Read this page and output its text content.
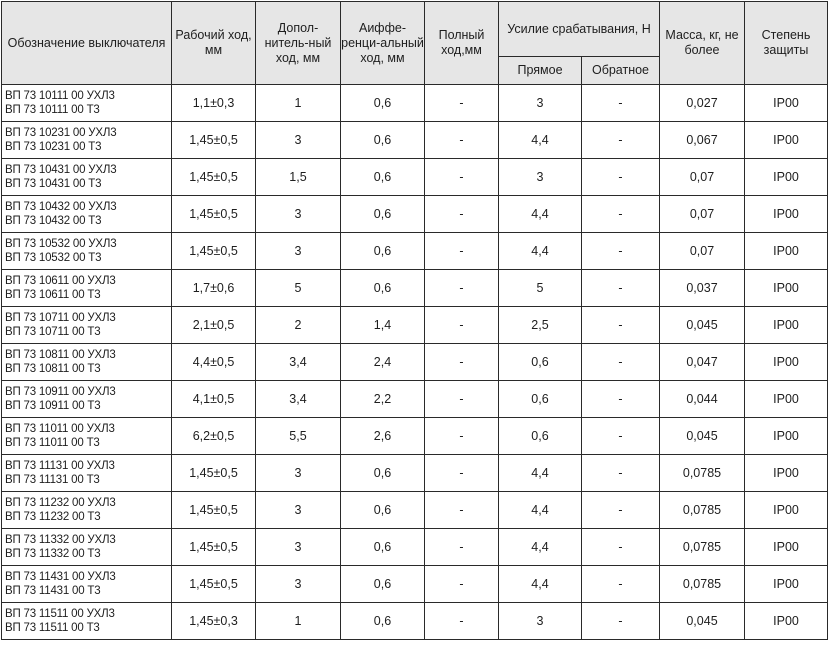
Обозначение выключателя	Рабочий ход, мм	Допол-нитель-ный ход, мм	Аиффе-ренци-альный ход, мм	Полный ход,мм	Усилие срабатывания, Н		Масса, кг, не более	Степень защиты
					Прямое	Обратное		

ВП 73 10111 00 УХЛ3
ВП 73 10111 00 Т3	1,1±0,3	1	0,6	-	3	-	0,027	IP00

ВП 73 10231 00 УХЛ3
ВП 73 10231 00 Т3	1,45±0,5	3	0,6	-	4,4	-	0,067	IP00

ВП 73 10431 00 УХЛ3
ВП 73 10431 00 Т3	1,45±0,5	1,5	0,6	-	3	-	0,07	IP00

ВП 73 10432 00 УХЛ3
ВП 73 10432 00 Т3	1,45±0,5	3	0,6	-	4,4	-	0,07	IP00

ВП 73 10532 00 УХЛ3
ВП 73 10532 00 Т3	1,45±0,5	3	0,6	-	4,4	-	0,07	IP00

ВП 73 10611 00 УХЛ3
ВП 73 10611 00 Т3	1,7±0,6	5	0,6	-	5	-	0,037	IP00

ВП 73 10711 00 УХЛ3
ВП 73 10711 00 Т3	2,1±0,5	2	1,4	-	2,5	-	0,045	IP00

ВП 73 10811 00 УХЛ3
ВП 73 10811 00 Т3	4,4±0,5	3,4	2,4	-	0,6	-	0,047	IP00

ВП 73 10911 00 УХЛ3
ВП 73 10911 00 Т3	4,1±0,5	3,4	2,2	-	0,6	-	0,044	IP00

ВП 73 11011 00 УХЛ3
ВП 73 11011 00 Т3	6,2±0,5	5,5	2,6	-	0,6	-	0,045	IP00

ВП 73 11131 00 УХЛ3
ВП 73 11131 00 Т3	1,45±0,5	3	0,6	-	4,4	-	0,0785	IP00

ВП 73 11232 00 УХЛ3
ВП 73 11232 00 Т3	1,45±0,5	3	0,6	-	4,4	-	0,0785	IP00

ВП 73 11332 00 УХЛ3
ВП 73 11332 00 Т3	1,45±0,5	3	0,6	-	4,4	-	0,0785	IP00

ВП 73 11431 00 УХЛ3
ВП 73 11431 00 Т3	1,45±0,5	3	0,6	-	4,4	-	0,0785	IP00

ВП 73 11511 00 УХЛ3
ВП 73 11511 00 Т3	1,45±0,3	1	0,6	-	3	-	0,045	IP00
